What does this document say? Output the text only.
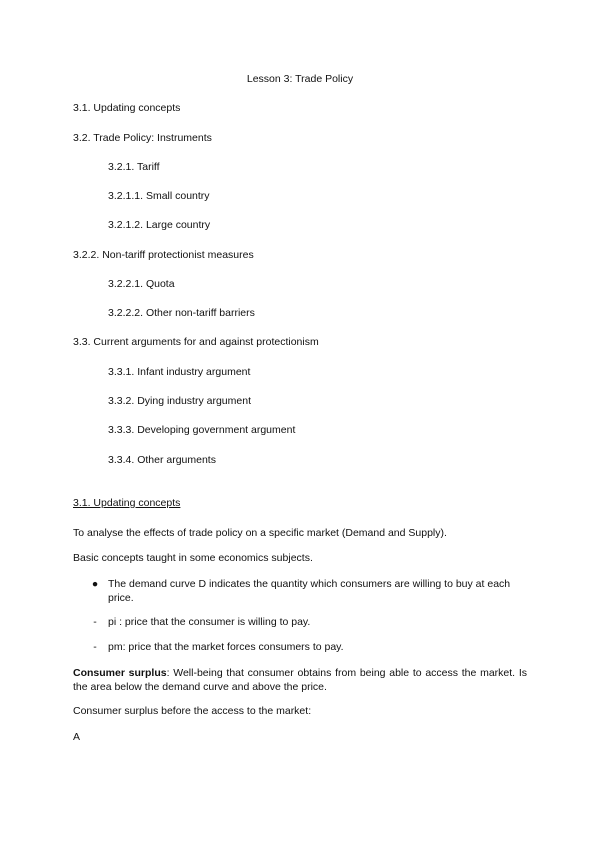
Lesson 3: Trade Policy
3.1. Updating concepts
3.2. Trade Policy: Instruments
3.2.1. Tariff
3.2.1.1. Small country
3.2.1.2. Large country
3.2.2. Non-tariff protectionist measures
3.2.2.1. Quota
3.2.2.2. Other non-tariff barriers
3.3. Current arguments for and against protectionism
3.3.1. Infant industry argument
3.3.2. Dying industry argument
3.3.3. Developing government argument
3.3.4. Other arguments
3.1. Updating concepts
To analyse the effects of trade policy on a specific market (Demand and Supply).
Basic concepts taught in some economics subjects.
● The demand curve D indicates the quantity which consumers are willing to buy at each price.
-	pi : price that the consumer is willing to pay.
-	pm: price that the market forces consumers to pay.
Consumer surplus: Well-being that consumer obtains from being able to access the market. Is the area below the demand curve and above the price.
Consumer surplus before the access to the market:
A
